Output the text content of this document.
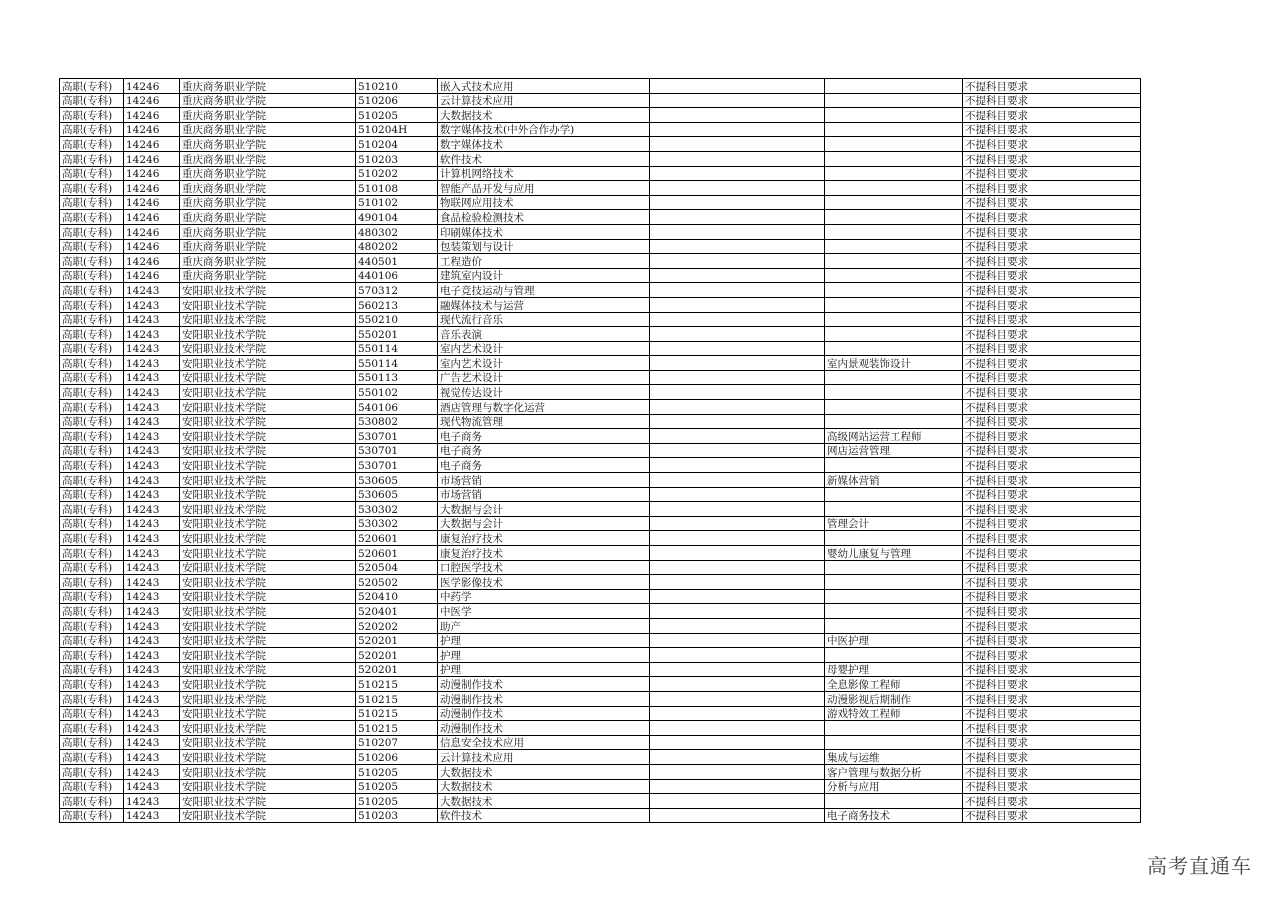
高职(专科)	14246	重庆商务职业学院	510210	嵌入式技术应用			不提科目要求
高职(专科)	14246	重庆商务职业学院	510206	云计算技术应用			不提科目要求
高职(专科)	14246	重庆商务职业学院	510205	大数据技术			不提科目要求
高职(专科)	14246	重庆商务职业学院	510204H	数字媒体技术(中外合作办学)			不提科目要求
高职(专科)	14246	重庆商务职业学院	510204	数字媒体技术			不提科目要求
高职(专科)	14246	重庆商务职业学院	510203	软件技术			不提科目要求
高职(专科)	14246	重庆商务职业学院	510202	计算机网络技术			不提科目要求
高职(专科)	14246	重庆商务职业学院	510108	智能产品开发与应用			不提科目要求
高职(专科)	14246	重庆商务职业学院	510102	物联网应用技术			不提科目要求
高职(专科)	14246	重庆商务职业学院	490104	食品检验检测技术			不提科目要求
高职(专科)	14246	重庆商务职业学院	480302	印刷媒体技术			不提科目要求
高职(专科)	14246	重庆商务职业学院	480202	包装策划与设计			不提科目要求
高职(专科)	14246	重庆商务职业学院	440501	工程造价			不提科目要求
高职(专科)	14246	重庆商务职业学院	440106	建筑室内设计			不提科目要求
高职(专科)	14243	安阳职业技术学院	570312	电子竞技运动与管理			不提科目要求
高职(专科)	14243	安阳职业技术学院	560213	融媒体技术与运营			不提科目要求
高职(专科)	14243	安阳职业技术学院	550210	现代流行音乐			不提科目要求
高职(专科)	14243	安阳职业技术学院	550201	音乐表演			不提科目要求
高职(专科)	14243	安阳职业技术学院	550114	室内艺术设计			不提科目要求
高职(专科)	14243	安阳职业技术学院	550114	室内艺术设计		室内景观装饰设计	不提科目要求
高职(专科)	14243	安阳职业技术学院	550113	广告艺术设计			不提科目要求
高职(专科)	14243	安阳职业技术学院	550102	视觉传达设计			不提科目要求
高职(专科)	14243	安阳职业技术学院	540106	酒店管理与数字化运营			不提科目要求
高职(专科)	14243	安阳职业技术学院	530802	现代物流管理			不提科目要求
高职(专科)	14243	安阳职业技术学院	530701	电子商务		高级网站运营工程师	不提科目要求
高职(专科)	14243	安阳职业技术学院	530701	电子商务		网店运营管理	不提科目要求
高职(专科)	14243	安阳职业技术学院	530701	电子商务			不提科目要求
高职(专科)	14243	安阳职业技术学院	530605	市场营销		新媒体营销	不提科目要求
高职(专科)	14243	安阳职业技术学院	530605	市场营销			不提科目要求
高职(专科)	14243	安阳职业技术学院	530302	大数据与会计			不提科目要求
高职(专科)	14243	安阳职业技术学院	530302	大数据与会计		管理会计	不提科目要求
高职(专科)	14243	安阳职业技术学院	520601	康复治疗技术			不提科目要求
高职(专科)	14243	安阳职业技术学院	520601	康复治疗技术		婴幼儿康复与管理	不提科目要求
高职(专科)	14243	安阳职业技术学院	520504	口腔医学技术			不提科目要求
高职(专科)	14243	安阳职业技术学院	520502	医学影像技术			不提科目要求
高职(专科)	14243	安阳职业技术学院	520410	中药学			不提科目要求
高职(专科)	14243	安阳职业技术学院	520401	中医学			不提科目要求
高职(专科)	14243	安阳职业技术学院	520202	助产			不提科目要求
高职(专科)	14243	安阳职业技术学院	520201	护理		中医护理	不提科目要求
高职(专科)	14243	安阳职业技术学院	520201	护理			不提科目要求
高职(专科)	14243	安阳职业技术学院	520201	护理		母婴护理	不提科目要求
高职(专科)	14243	安阳职业技术学院	510215	动漫制作技术		全息影像工程师	不提科目要求
高职(专科)	14243	安阳职业技术学院	510215	动漫制作技术		动漫影视后期制作	不提科目要求
高职(专科)	14243	安阳职业技术学院	510215	动漫制作技术		游戏特效工程师	不提科目要求
高职(专科)	14243	安阳职业技术学院	510215	动漫制作技术			不提科目要求
高职(专科)	14243	安阳职业技术学院	510207	信息安全技术应用			不提科目要求
高职(专科)	14243	安阳职业技术学院	510206	云计算技术应用		集成与运维	不提科目要求
高职(专科)	14243	安阳职业技术学院	510205	大数据技术		客户管理与数据分析	不提科目要求
高职(专科)	14243	安阳职业技术学院	510205	大数据技术		分析与应用	不提科目要求
高职(专科)	14243	安阳职业技术学院	510205	大数据技术			不提科目要求
高职(专科)	14243	安阳职业技术学院	510203	软件技术		电子商务技术	不提科目要求
高考直通车
